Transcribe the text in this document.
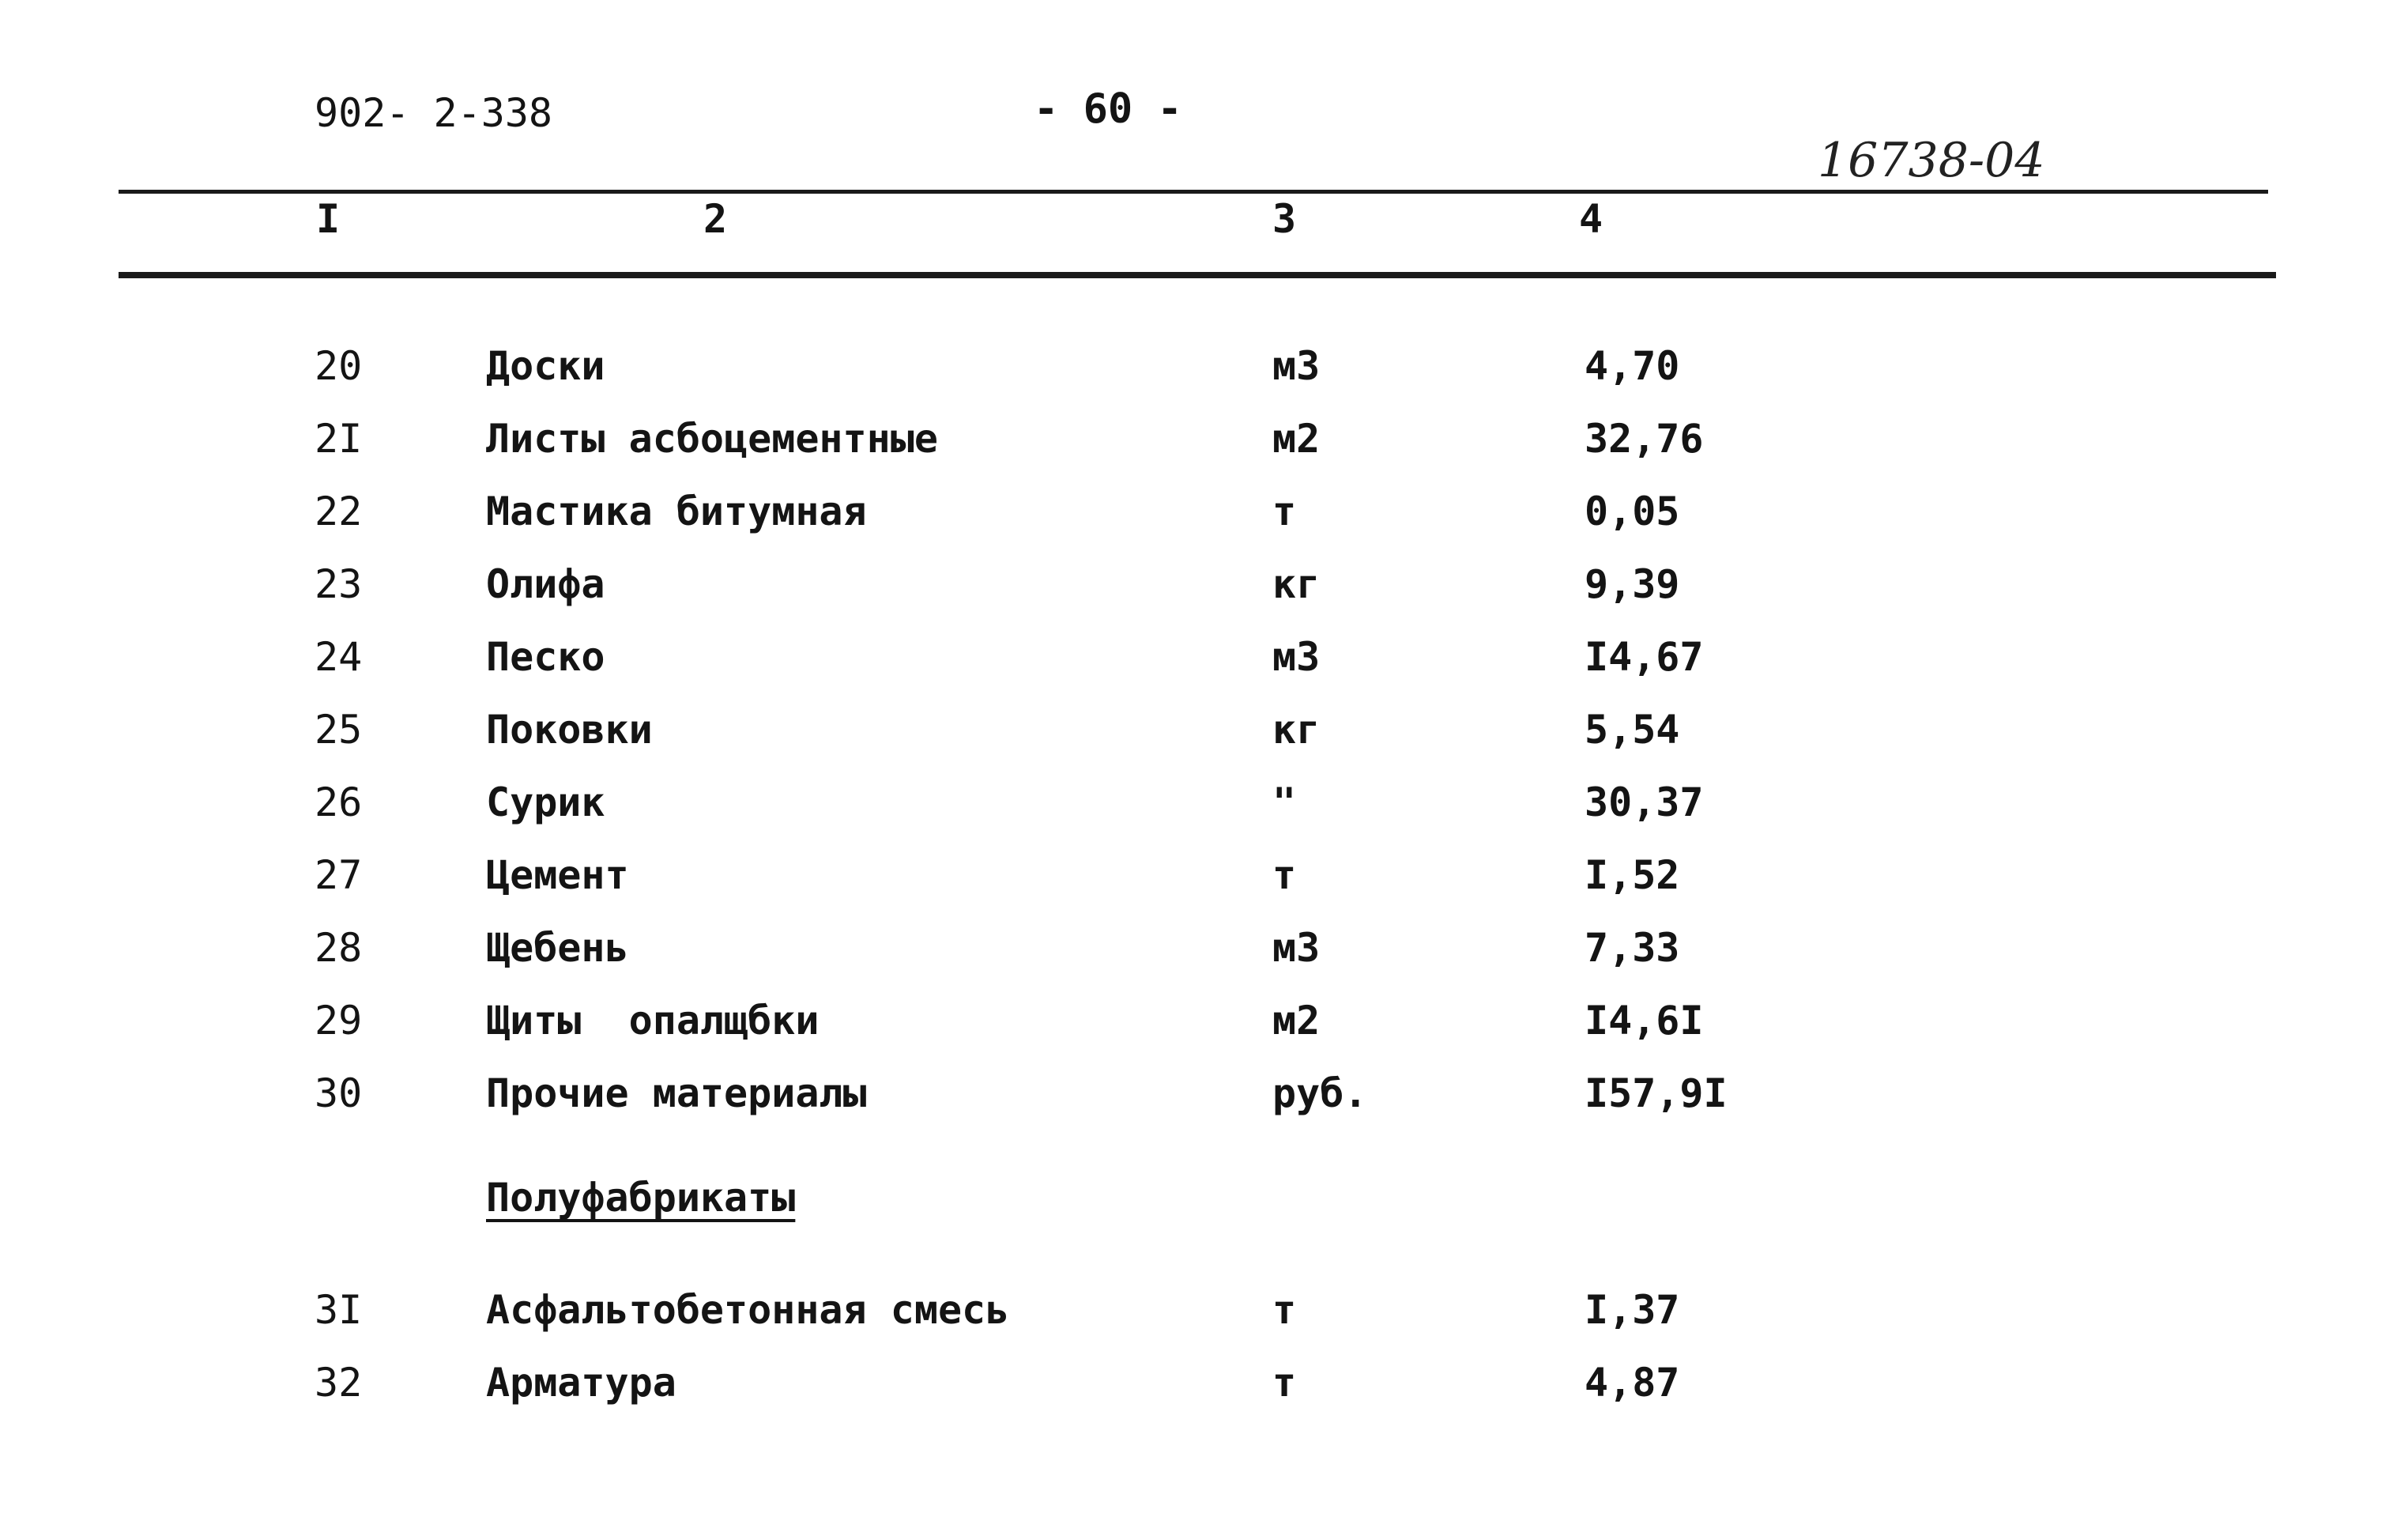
902- 2-338	- 60 -
16738-04
I	2	3	4
20	Доски	м3	4,70
2I	Листы асбоцементные	м2	32,76
22	Мастика битумная	т	0,05
23	Олифа	кг	9,39
24	Песко	м3	I4,67
25	Поковки	кг	5,54
26	Сурик	"	30,37
27	Цемент	т	I,52
28	Щебень	м3	7,33
29	Щиты  опалщбки	м2	I4,6I
30	Прочие материалы	руб.	I57,9I
Полуфабрикаты
3I	Асфальтобетонная смесь	т	I,37
32	Арматура	т	4,87
